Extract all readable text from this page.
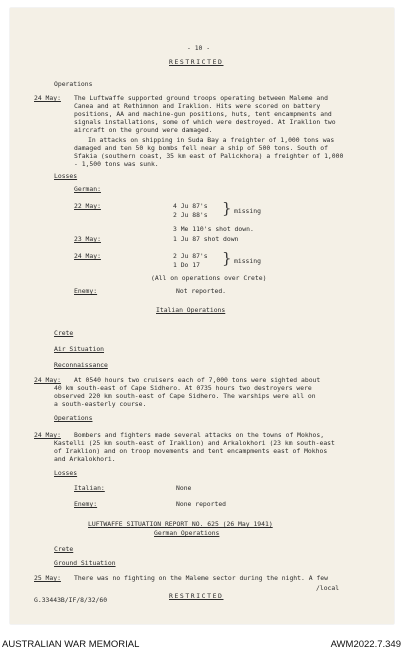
- 10 -
RESTRICTED
Operations
24 May: The Luftwaffe supported ground troops operating between Maleme and
Canea and at Rethimnon and Iraklion. Hits were scored on battery
positions, AA and machine-gun positions, huts, tent encampments and
signals installations, some of which were destroyed. At Iraklion two
aircraft on the ground were damaged.
In attacks on shipping in Suda Bay a freighter of 1,000 tons was
damaged and ten 50 kg bombs fell near a ship of 500 tons. South of
Sfakia (southern coast, 35 km east of Palickhora) a freighter of 1,000
- 1,500 tons was sunk.
Losses
German:
22 May:	4 Ju 87's
2 Ju 88's } missing
3 Me 110's shot down.
23 May:	1 Ju 87 shot down
24 May:	2 Ju 87's
1 Do 17 } missing
(All on operations over Crete)
Enemy:	Not reported.
Italian Operations
Crete
Air Situation
Reconnaissance
24 May: At 0540 hours two cruisers each of 7,000 tons were sighted about
40 km south-east of Cape Sidhero. At 0735 hours two destroyers were
observed 220 km south-east of Cape Sidhero. The warships were all on
a south-easterly course.
Operations
24 May: Bombers and fighters made several attacks on the towns of Mokhos,
Kastelli (25 km south-east of Iraklion) and Arkalokhori (23 km south-east
of Iraklion) and on troop movements and tent encampments east of Mokhos
and Arkalokhori.
Losses
Italian:	None
Enemy:	None reported
LUFTWAFFE SITUATION REPORT NO. 625 (26 May 1941)
German Operations
Crete
Ground Situation
25 May: There was no fighting on the Maleme sector during the night. A few
/local
G.33443B/IF/8/32/60	RESTRICTED
AUSTRALIAN WAR MEMORIAL	AWM2022.7.349
